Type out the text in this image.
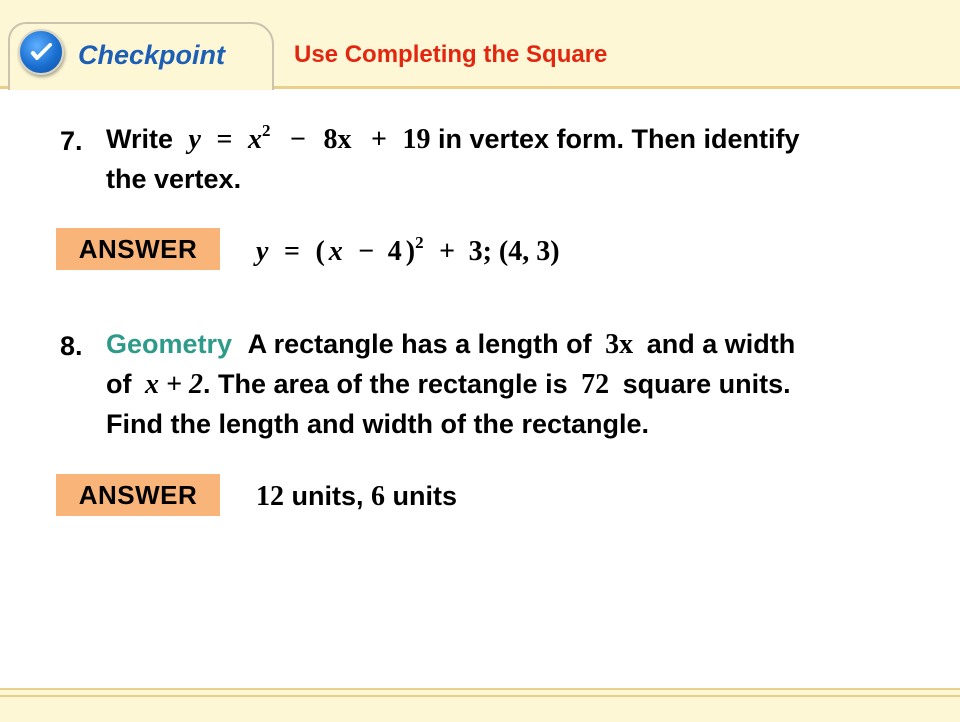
Checkpoint	Use Completing the Square
7. Write $y = x^2 - 8x + 19$ in vertex form. Then identify
the vertex.
ANSWER	y = ( x − 4 )$^2$ + 3; (4, 3)
8. Geometry A rectangle has a length of 3x and a width
of x + 2. The area of the rectangle is 72 square units.
Find the length and width of the rectangle.
ANSWER	12 units, 6 units
